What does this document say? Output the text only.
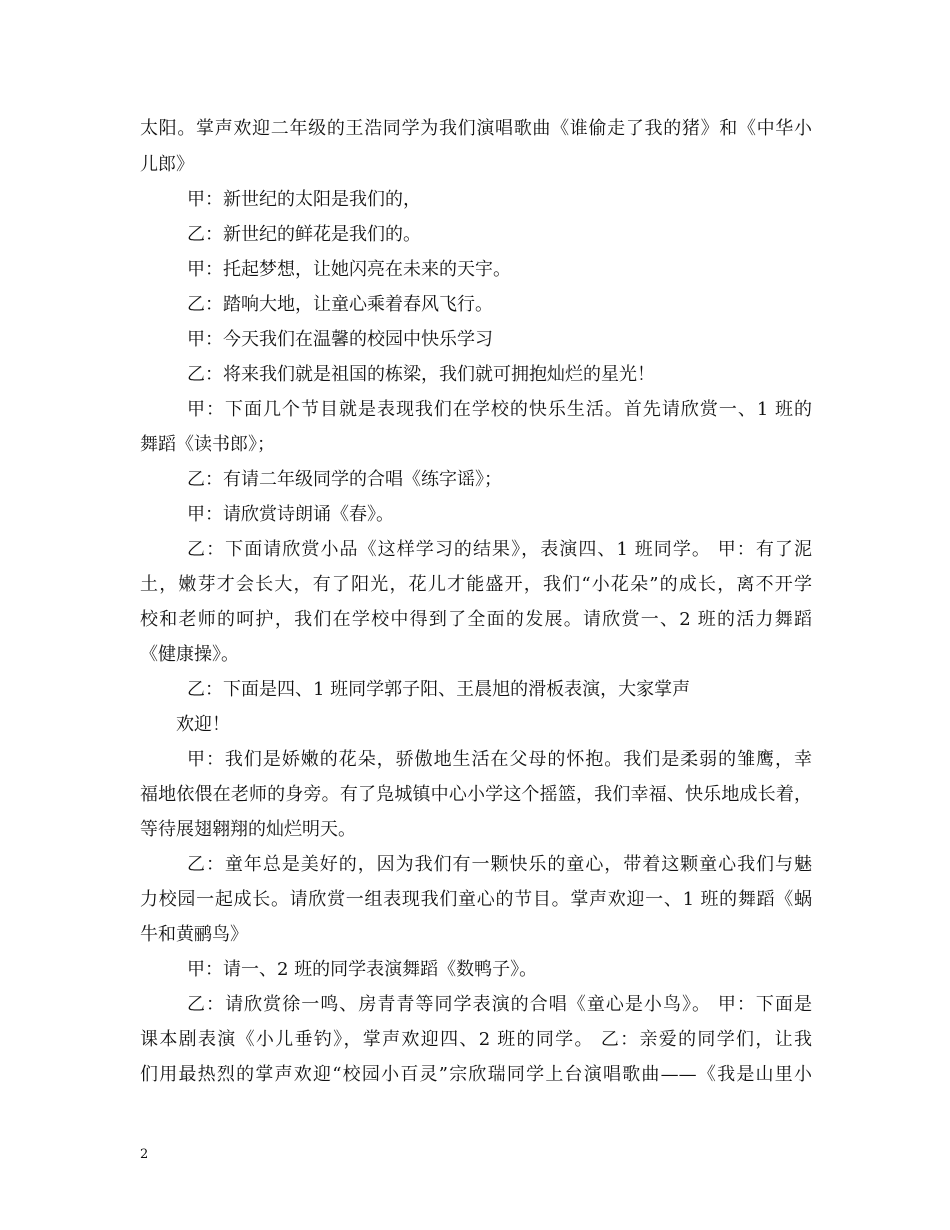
太阳。掌声欢迎二年级的王浩同学为我们演唱歌曲《谁偷走了我的猪》和《中华小
儿郎》
甲：新世纪的太阳是我们的，
乙：新世纪的鲜花是我们的。
甲：托起梦想，让她闪亮在未来的天宇。
乙：踏响大地，让童心乘着春风飞行。
甲：今天我们在温馨的校园中快乐学习
乙：将来我们就是祖国的栋梁，我们就可拥抱灿烂的星光！
甲：下面几个节目就是表现我们在学校的快乐生活。首先请欣赏一、1 班的
舞蹈《读书郎》；
乙：有请二年级同学的合唱《练字谣》；
甲：请欣赏诗朗诵《春》。
乙：下面请欣赏小品《这样学习的结果》，表演四、1 班同学。 甲：有了泥
土，嫩芽才会长大，有了阳光，花儿才能盛开，我们“小花朵”的成长，离不开学
校和老师的呵护，我们在学校中得到了全面的发展。请欣赏一、2 班的活力舞蹈
《健康操》。
乙：下面是四、1 班同学郭子阳、王晨旭的滑板表演，大家掌声
欢迎！
甲：我们是娇嫩的花朵，骄傲地生活在父母的怀抱。我们是柔弱的雏鹰，幸
福地依偎在老师的身旁。有了凫城镇中心小学这个摇篮，我们幸福、快乐地成长着，
等待展翅翱翔的灿烂明天。
乙：童年总是美好的，因为我们有一颗快乐的童心，带着这颗童心我们与魅
力校园一起成长。请欣赏一组表现我们童心的节目。掌声欢迎一、1 班的舞蹈《蜗
牛和黄鹂鸟》
甲：请一、2 班的同学表演舞蹈《数鸭子》。
乙：请欣赏徐一鸣、房青青等同学表演的合唱《童心是小鸟》。 甲：下面是
课本剧表演《小儿垂钓》，掌声欢迎四、2 班的同学。 乙：亲爱的同学们，让我
们用最热烈的掌声欢迎“校园小百灵”宗欣瑞同学上台演唱歌曲——《我是山里小
2
